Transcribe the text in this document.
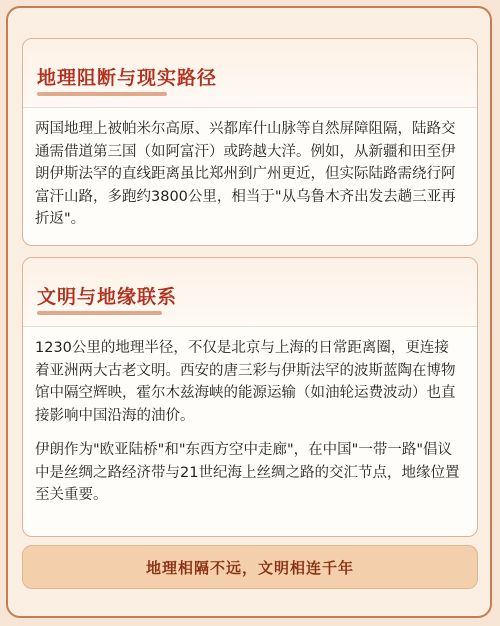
地理阻断与现实路径

两国地理上被帕米尔高原、兴都库什山脉等自然屏障阻隔，陆路交通需借道第三国（如阿富汗）或跨越大洋。例如，从新疆和田至伊朗伊斯法罕的直线距离虽比郑州到广州更近，但实际陆路需绕行阿富汗山路，多跑约3800公里，相当于"从乌鲁木齐出发去趟三亚再折返"。

文明与地缘联系

1230公里的地理半径，不仅是北京与上海的日常距离圈，更连接着亚洲两大古老文明。西安的唐三彩与伊斯法罕的波斯蓝陶在博物馆中隔空辉映，霍尔木兹海峡的能源运输（如油轮运费波动）也直接影响中国沿海的油价。

伊朗作为"欧亚陆桥"和"东西方空中走廊"，在中国"一带一路"倡议中是丝绸之路经济带与21世纪海上丝绸之路的交汇节点，地缘位置至关重要。

地理相隔不远，文明相连千年
